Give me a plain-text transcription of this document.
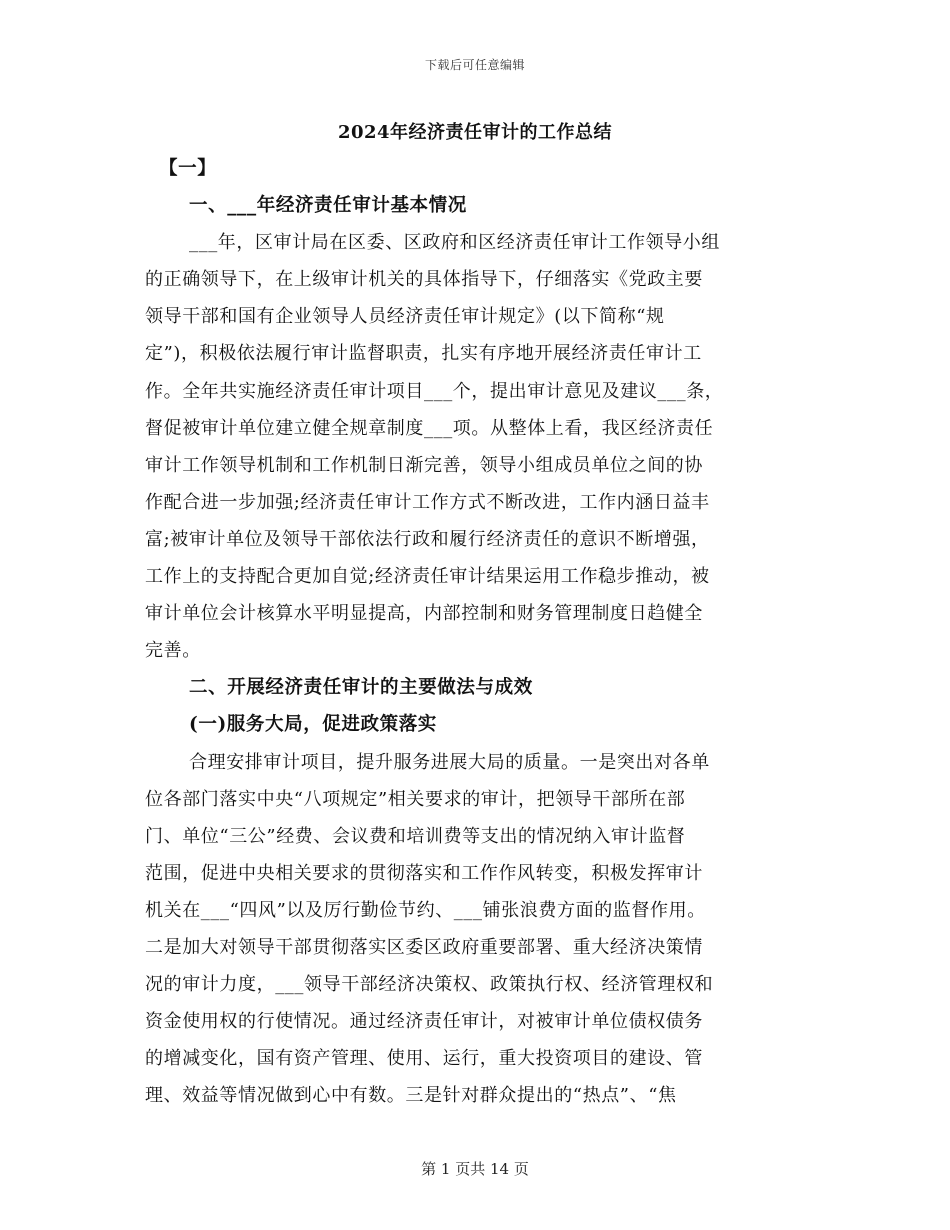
下载后可任意编辑
2024年经济责任审计的工作总结
【一】
一、___年经济责任审计基本情况
___年，区审计局在区委、区政府和区经济责任审计工作领导小组
的正确领导下，在上级审计机关的具体指导下，仔细落实《党政主要
领导干部和国有企业领导人员经济责任审计规定》(以下简称“规
定”)，积极依法履行审计监督职责，扎实有序地开展经济责任审计工
作。全年共实施经济责任审计项目___个，提出审计意见及建议___条，
督促被审计单位建立健全规章制度___项。从整体上看，我区经济责任
审计工作领导机制和工作机制日渐完善，领导小组成员单位之间的协
作配合进一步加强;经济责任审计工作方式不断改进，工作内涵日益丰
富;被审计单位及领导干部依法行政和履行经济责任的意识不断增强，
工作上的支持配合更加自觉;经济责任审计结果运用工作稳步推动，被
审计单位会计核算水平明显提高，内部控制和财务管理制度日趋健全
完善。
二、开展经济责任审计的主要做法与成效
(一)服务大局，促进政策落实
合理安排审计项目，提升服务进展大局的质量。一是突出对各单
位各部门落实中央“八项规定”相关要求的审计，把领导干部所在部
门、单位“三公”经费、会议费和培训费等支出的情况纳入审计监督
范围，促进中央相关要求的贯彻落实和工作作风转变，积极发挥审计
机关在___“四风”以及厉行勤俭节约、___铺张浪费方面的监督作用。
二是加大对领导干部贯彻落实区委区政府重要部署、重大经济决策情
况的审计力度，___领导干部经济决策权、政策执行权、经济管理权和
资金使用权的行使情况。通过经济责任审计，对被审计单位债权债务
的增减变化，国有资产管理、使用、运行，重大投资项目的建设、管
理、效益等情况做到心中有数。三是针对群众提出的“热点”、“焦
第 1 页共 14 页
